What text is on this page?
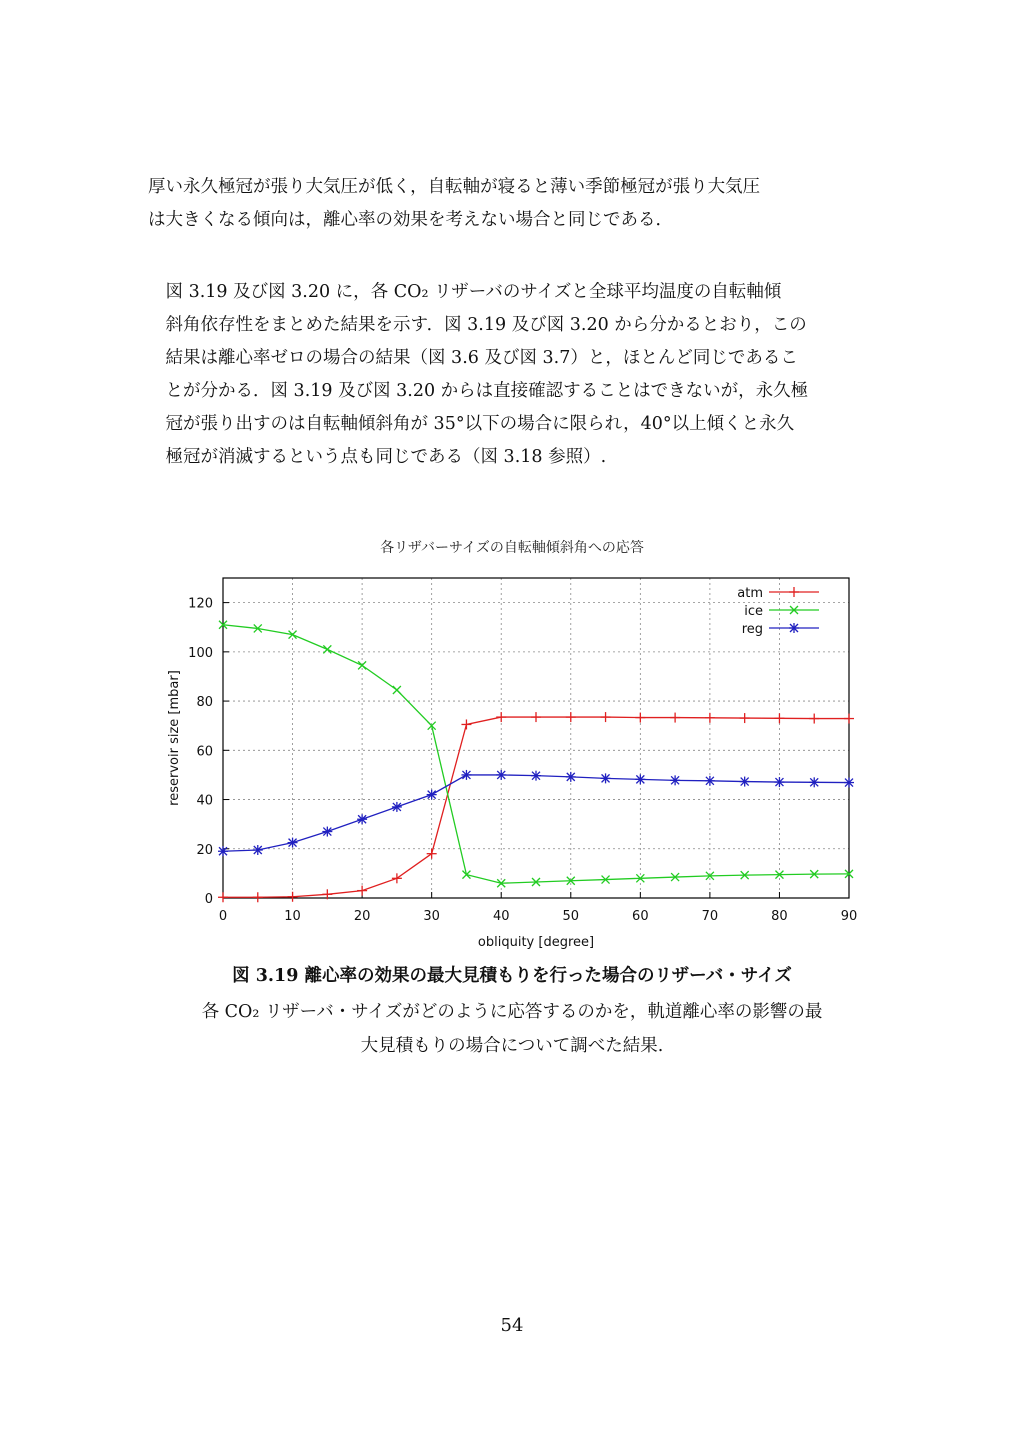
厚い永久極冠が張り大気圧が低く，自転軸が寝ると薄い季節極冠が張り大気圧
は大きくなる傾向は，離心率の効果を考えない場合と同じである．
図 3.19 及び図 3.20 に，各 CO₂ リザーバのサイズと全球平均温度の自転軸傾
斜角依存性をまとめた結果を示す．図 3.19 及び図 3.20 から分かるとおり，この
結果は離心率ゼロの場合の結果（図 3.6 及び図 3.7）と，ほとんど同じであるこ
とが分かる．図 3.19 及び図 3.20 からは直接確認することはできないが，永久極
冠が張り出すのは自転軸傾斜角が 35°以下の場合に限られ，40°以上傾くと永久
極冠が消滅するという点も同じである（図 3.18 参照）.
各リザバーサイズの自転軸傾斜角への応答
0	10	20	30	40	50	60	70	80	90
0
20
40
60
80
100
120
atm
ice
reg
obliquity [degree]
reservoir size [mbar]
図 3.19 離心率の効果の最大見積もりを行った場合のリザーバ・サイズ
各 CO₂ リザーバ・サイズがどのように応答するのかを，軌道離心率の影響の最
大見積もりの場合について調べた結果.
54
